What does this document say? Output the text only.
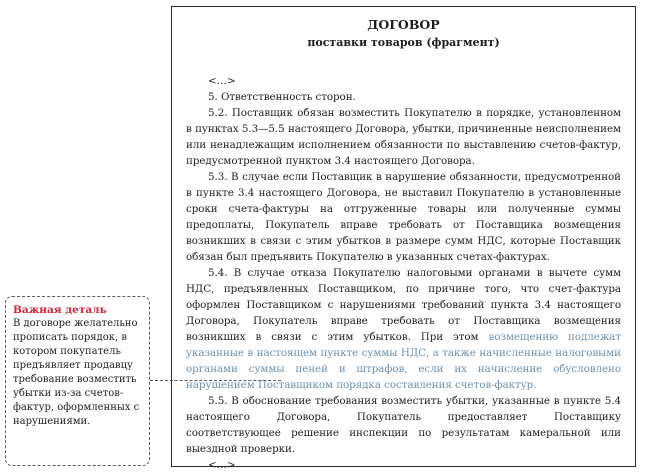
ДОГОВОР
поставки товаров (фрагмент)

<…>

5. Ответственность сторон.

5.2. Поставщик обязан возместить Покупателю в порядке, установленном в пунктах 5.3—5.5 настоящего Договора, убытки, причиненные неисполнением или ненадлежащим исполнением обязанности по выставлению счетов-фактур, предусмотренной пунктом 3.4 настоящего Договора.

5.3. В случае если Поставщик в нарушение обязанности, предусмотренной в пункте 3.4 настоящего Договора, не выставил Покупателю в установленные сроки счета-фактуры на отгруженные товары или полученные суммы предоплаты, Покупатель вправе требовать от Поставщика возмещения возникших в связи с этим убытков в размере сумм НДС, которые Поставщик обязан был предъявить Покупателю в указанных счетах-фактурах.

5.4. В случае отказа Покупателю налоговыми органами в вычете сумм НДС, предъявленных Поставщиком, по причине того, что счет-фактура оформлен Поставщиком с нарушениями требований пункта 3.4 настоящего Договора, Покупатель вправе требовать от Поставщика возмещения возникших в связи с этим убытков. При этом возмещению подлежат указанные в настоящем пункте суммы НДС, а также начисленные налоговыми органами суммы пеней и штрафов, если их начисление обусловлено нарушением Поставщиком порядка составления счетов-фактур.

5.5. В обоснование требования возместить убытки, указанные в пункте 5.4 настоящего Договора, Покупатель предоставляет Поставщику соответствующее решение инспекции по результатам камеральной или выездной проверки.

<…>

Важная деталь
В договоре желательно прописать порядок, в котором покупатель предъявляет продавцу требование возместить убытки из-за счетов-фактур, оформленных с нарушениями.
